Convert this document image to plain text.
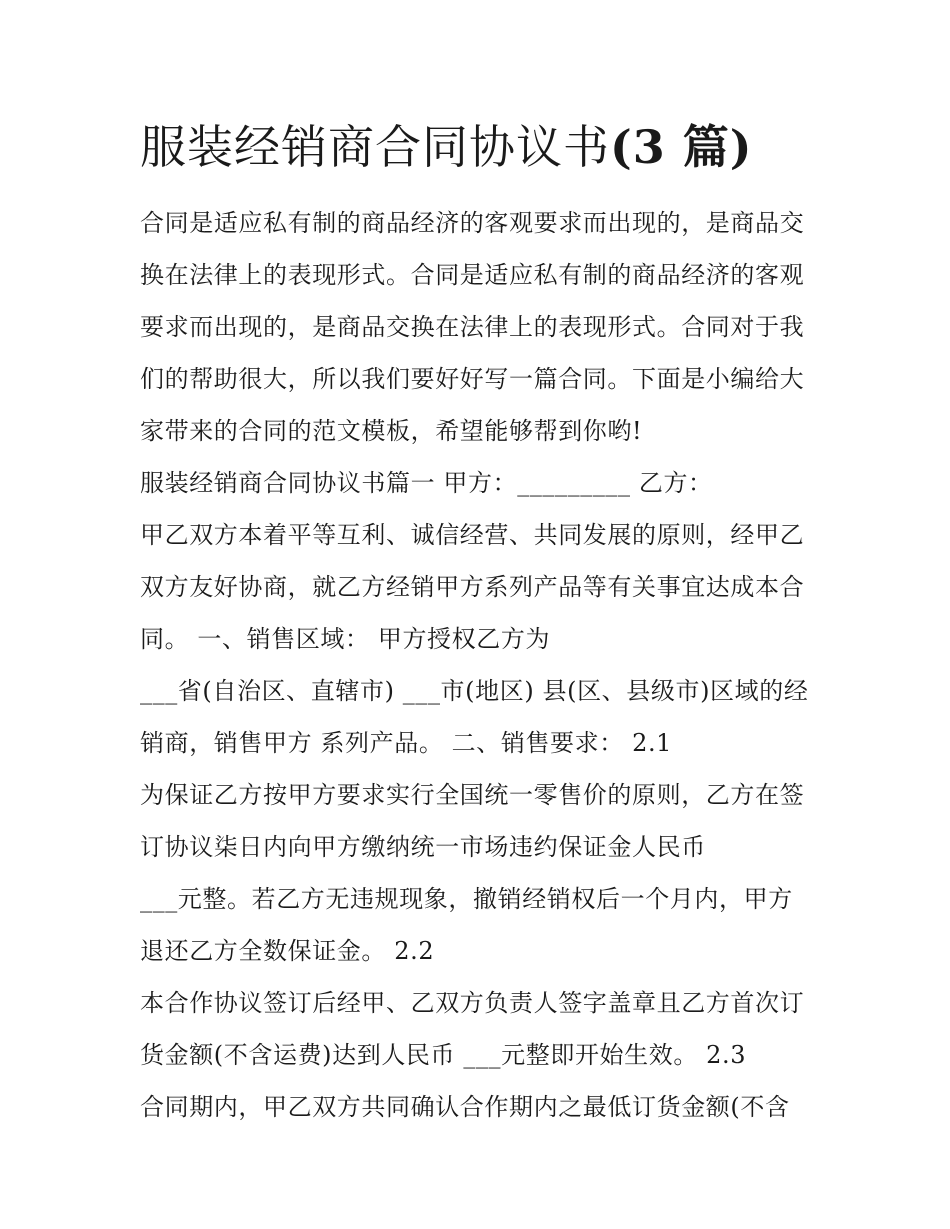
服装经销商合同协议书(3 篇)
合同是适应私有制的商品经济的客观要求而出现的，是商品交
换在法律上的表现形式。合同是适应私有制的商品经济的客观
要求而出现的，是商品交换在法律上的表现形式。合同对于我
们的帮助很大，所以我们要好好写一篇合同。下面是小编给大
家带来的合同的范文模板，希望能够帮到你哟!
服装经销商合同协议书篇一 甲方：_________ 乙方：
甲乙双方本着平等互利、诚信经营、共同发展的原则，经甲乙
双方友好协商，就乙方经销甲方系列产品等有关事宜达成本合
同。 一、销售区域： 甲方授权乙方为
___省(自治区、直辖市) ___市(地区) 县(区、县级市)区域的经
销商，销售甲方 系列产品。 二、销售要求： 2.1
为保证乙方按甲方要求实行全国统一零售价的原则，乙方在签
订协议柒日内向甲方缴纳统一市场违约保证金人民币
___元整。若乙方无违规现象，撤销经销权后一个月内，甲方
退还乙方全数保证金。 2.2
本合作协议签订后经甲、乙双方负责人签字盖章且乙方首次订
货金额(不含运费)达到人民币 ___元整即开始生效。 2.3
合同期内，甲乙双方共同确认合作期内之最低订货金额(不含
